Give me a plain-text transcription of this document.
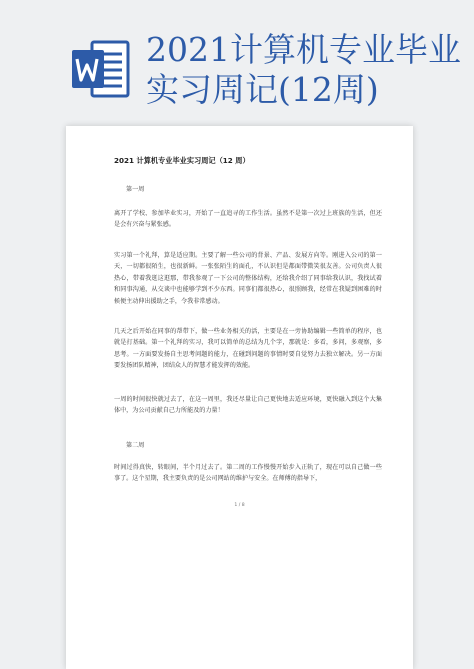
2021计算机专业毕业实习周记(12周)

2021 计算机专业毕业实习周记（12 周）

第一周

离开了学校、参加毕业实习，开始了一直追寻的工作生活。虽然不是第一次过上班族的生活，但还是会有兴奋与紧张感。

实习第一个礼拜，算是适应期。主要了解一些公司的背景、产品、发展方向等。刚进入公司的第一天，一切都很陌生，也很新鲜。一张张陌生的面孔，不认识但是都面带微笑很友善。公司负责人很热心，带着我逛这逛那，带我参观了一下公司的整体结构，还给我介绍了同事给我认识，我找试着和同事沟通，从交谈中也能够学到不少东西。同事们都很热心，很照顾我，经常在我疑到困难的时候便主动伸出援助之手，令我非常感动。

几天之后开始在同事的帮带下，做一些业务相关的活，主要是在一旁协助编辑一些简单的程序，也就是打基础。第一个礼拜的实习，我可以简单的总结为几个字，那就是：多看，多问，多观察，多思考。一方面要发扬自主思考问题的能力，在碰到问题的事情时要自觉努力去独立解决。另一方面要发扬团队精神，团结众人的智慧才能发挥的效能。

一周的时间很快就过去了，在这一周里，我还尽量让自己更快地去适应环境，更快融入到这个大集体中，为公司贡献自己力所能及的力量！

第二周

时间过得真快，转眼间，半个月过去了。第二周的工作慢慢开始步入正轨了，现在可以自己做一些事了。这个星期，我主要负责的是公司网站的维护与安全。在师傅的指导下，

1 / 8
